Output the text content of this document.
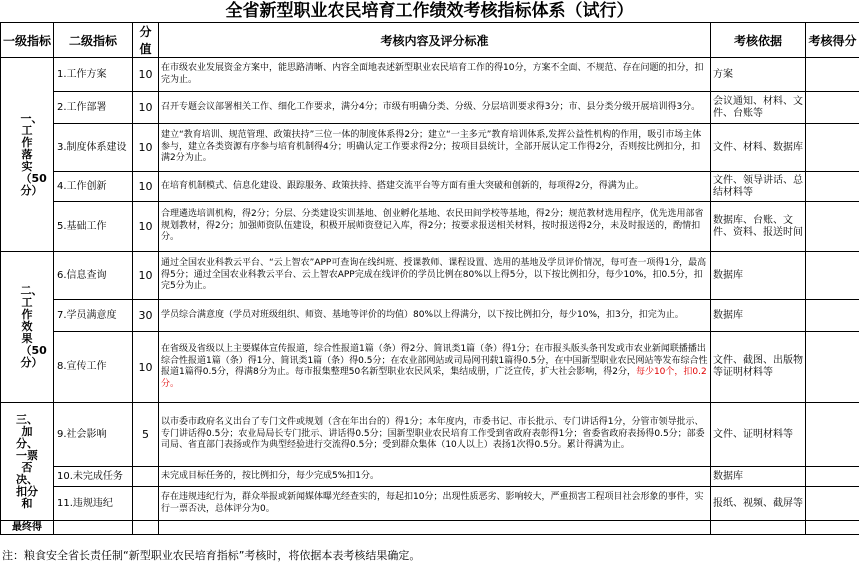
全省新型职业农民培育工作绩效考核指标体系（试行）
一级指标	二级指标	分值	考核内容及评分标准	考核依据	考核得分

一、工作落实（50分）	1.工作方案	10	在市级农业发展资金方案中，能思路清晰、内容全面地表述新型职业农民培育工作的得10分，方案不全面、不规范、存在问题的扣分，扣完为止。	方案	
	2.工作部署	10	召开专题会议部署相关工作、细化工作要求，满分4分；市级有明确分类、分级、分层培训要求得3分；市、县分类分级开展培训得3分。	会议通知、材料、文件、台账等	
	3.制度体系建设	10	建立“教育培训、规范管理、政策扶持”三位一体的制度体系得2分；建立“一主多元”教育培训体系,发挥公益性机构的作用，吸引市场主体参与，建立各类资源有序参与培育机制得4分；明确认定工作要求得2分；按项目县统计，全部开展认定工作得2分，否则按比例扣分，扣满2分为止。	文件、材料、数据库	
	4.工作创新	10	在培育机制模式、信息化建设、跟踪服务、政策扶持、搭建交流平台等方面有重大突破和创新的，每项得2分，得满为止。	文件、领导讲话、总结材料等	
	5.基础工作	10	合理遴选培训机构，得2分；分层、分类建设实训基地、创业孵化基地、农民田间学校等基地，得2分；规范教材选用程序，优先选用部省规划教材，得2分；加强师资队伍建设，积极开展师资登记入库，得2分；按要求报送相关材料，按时报送得2分，未及时报送的，酌情扣分。	数据库、台账、文件、资料、报送时间	

二、工作效果（50分）	6.信息查询	10	通过全国农业科教云平台、“云上智农”APP可查询在线纠班、授课教师、课程设置、选用的基地及学员评价情况，每可查一项得1分，最高得5分；通过全国农业科教云平台、云上智农APP完成在线评价的学员比例在80%以上得5分，以下按比例扣分，每少10%，扣0.5分，扣完5分为止。	数据库	
	7.学员满意度	30	学员综合满意度（学员对班级组织、师资、基地等评价的均值）80%以上得满分，以下按比例扣分，每少10%，扣3分，扣完为止。	数据库	
	8.宣传工作	10	在省级及省级以上主要媒体宣传报道，综合性报道1篇（条）得2分、简讯类1篇（条）得1分；在市报头版头条刊发或市农业新闻联播播出综合性报道1篇（条）得1分、简讯类1篇（条）得0.5分；在农业部网站或司局网刊载1篇得0.5分，在中国新型职业农民网站等发布综合性报道1篇得0.5分，得满8分为止。每市报集整理50名新型职业农民风采，集结成册，广泛宣传，扩大社会影响，得2分，每少10个，扣0.2分。	文件、截图、出版物等证明材料等	

三、加分、一票否决、扣分和	9.社会影响	5	以市委市政府名义出台了专门文件或规划（含在年出台的）得1分；本年度内，市委书记、市长批示、专门讲话得1分，分管市领导批示、专门讲话得0.5分；农业局局长专门批示、讲话得0.5分；国新型职业农民培育工作受到省政府表彰得1分；省委省政府表扬得0.5分；部委司局、省直部门表扬或作为典型经验进行交流得0.5分；受到群众集体（10人以上）表扬1次得0.5分。累计得满为止。	文件、证明材料等	
	10.未完成任务		未完成目标任务的，按比例扣分，每少完成5%扣1分。	数据库	
	11.违规违纪		存在违规违纪行为，群众举报或新闻媒体曝光经查实的，每起扣10分；出现性质恶劣、影响较大，严重损害工程项目社会形象的事件，实行一票否决，总体评分为0。	报纸、视频、截屏等	
最终得					
注：粮食安全省长责任制“新型职业农民培育指标”考核时，将依据本表考核结果确定。
